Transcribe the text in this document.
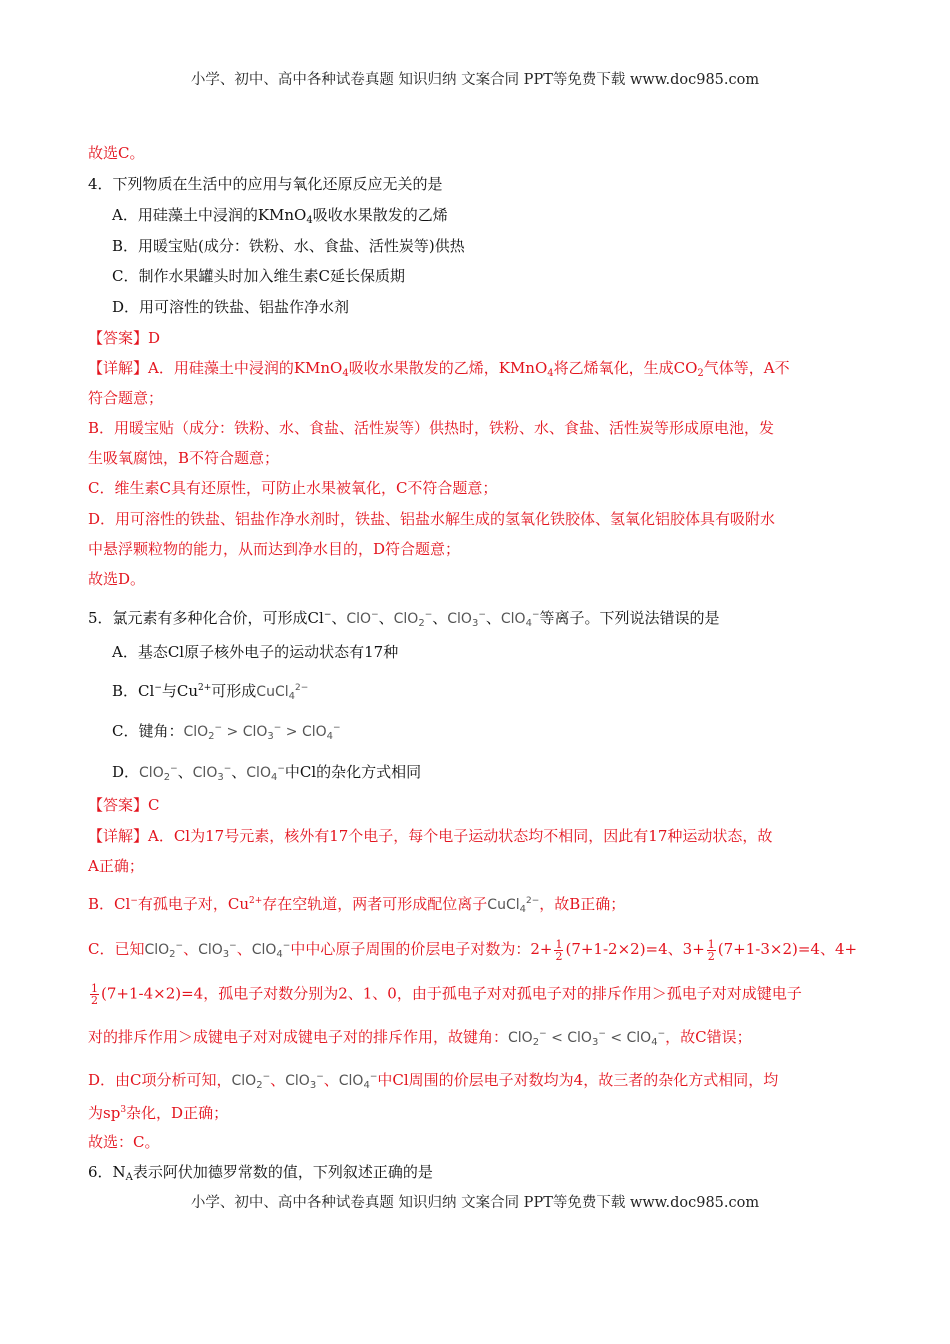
小学、初中、高中各种试卷真题 知识归纳 文案合同 PPT等免费下载 www.doc985.com
故选C。
4．下列物质在生活中的应用与氧化还原反应无关的是
A．用硅藻土中浸润的KMnO$_4$吸收水果散发的乙烯
B．用暖宝贴(成分：铁粉、水、食盐、活性炭等)供热
C．制作水果罐头时加入维生素C延长保质期
D．用可溶性的铁盐、铝盐作净水剂
【答案】D
【详解】A．用硅藻土中浸润的KMnO$_4$吸收水果散发的乙烯，KMnO$_4$将乙烯氧化，生成$CO_2$气体等，A不
符合题意；
B．用暖宝贴（成分：铁粉、水、食盐、活性炭等）供热时，铁粉、水、食盐、活性炭等形成原电池，发
生吸氧腐蚀，B不符合题意；
C．维生素C具有还原性，可防止水果被氧化，C不符合题意；
D．用可溶性的铁盐、铝盐作净水剂时，铁盐、铝盐水解生成的氢氧化铁胶体、氢氧化铝胶体具有吸附水
中悬浮颗粒物的能力，从而达到净水目的，D符合题意；
故选D。
5．氯元素有多种化合价，可形成Cl−、ClO−、ClO$_2$−、ClO$_3$−、ClO$_4$−等离子。下列说法错误的是
A．基态Cl原子核外电子的运动状态有17种
B．Cl−与$Cu^{2+}$可形成CuCl$_4^{2-}$
C．键角：ClO$_2$− > ClO$_3$− > ClO$_4$−
D．ClO$_2$−、ClO$_3$−、ClO$_4$−中Cl的杂化方式相同
【答案】C
【详解】A．Cl为17号元素，核外有17个电子，每个电子运动状态均不相同，因此有17种运动状态，故
A正确；
B．Cl−有孤电子对，$Cu^{2+}$存在空轨道，两者可形成配位离子CuCl$_4^{2-}$，故B正确；
C．已知ClO$_2$−、ClO$_3$−、ClO$_4$−中中心原子周围的价层电子对数为：$2+ \frac{1}{2} (7+1-2\times 2)=4$、$3+ \frac{1}{2} (7+1-3\times 2)=4$、4+
$\frac{1}{2} (7+1-4\times 2)=4$，孤电子对数分别为2、1、0，由于孤电子对对孤电子对的排斥作用＞孤电子对对成键电子
对的排斥作用＞成键电子对对成键电子对的排斥作用，故键角：ClO$_2$− < ClO$_3$− < ClO$_4$−，故C错误；
D．由C项分析可知，ClO$_2$−、ClO$_3$−、ClO$_4$−中Cl周围的价层电子对数均为4，故三者的杂化方式相同，均
为$sp^3$杂化，D正确；
故选：C。
6．$N_A$表示阿伏加德罗常数的值，下列叙述正确的是
小学、初中、高中各种试卷真题 知识归纳 文案合同 PPT等免费下载 www.doc985.com
